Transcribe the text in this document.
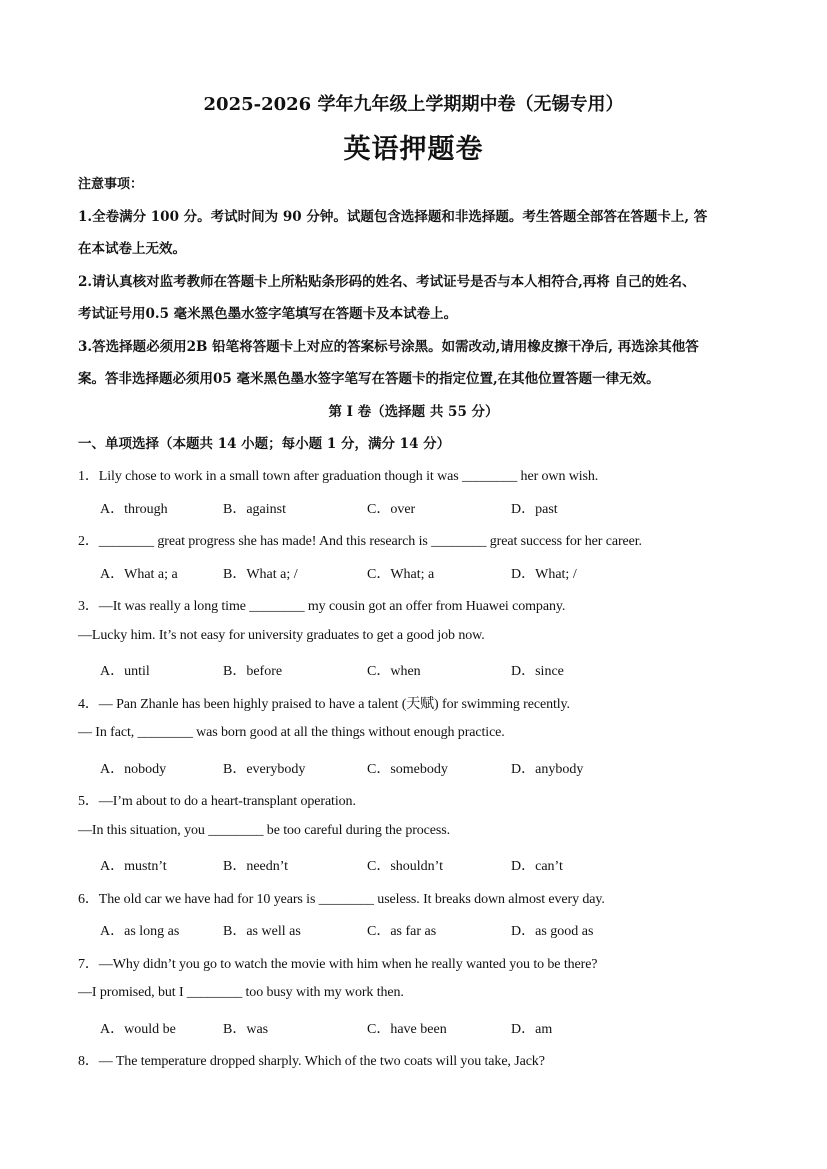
2025-2026 学年九年级上学期期中卷（无锡专用）
英语押题卷
注意事项：
1.全卷满分 100 分。考试时间为 90 分钟。试题包含选择题和非选择题。考生答题全部答在答题卡上, 答
在本试卷上无效。
2.请认真核对监考教师在答题卡上所粘贴条形码的姓名、考试证号是否与本人相符合,再将 自己的姓名、
考试证号用0.5 毫米黑色墨水签字笔填写在答题卡及本试卷上。
3.答选择题必须用2B 铅笔将答题卡上对应的答案标号涂黑。如需改动,请用橡皮擦干净后, 再选涂其他答
案。答非选择题必须用05 毫米黑色墨水签字笔写在答题卡的指定位置,在其他位置答题一律无效。
第 I 卷（选择题 共 55 分）
一、单项选择（本题共 14 小题；每小题 1 分，满分 14 分）
1．Lily chose to work in a small town after graduation though it was ________ her own wish.
A．through	B．against	C．over	D．past
2．________ great progress she has made! And this research is ________ great success for her career.
A．What a; a	B．What a; /	C．What; a	D．What; /
3．—It was really a long time ________ my cousin got an offer from Huawei company.
—Lucky him. It’s not easy for university graduates to get a good job now.
A．until	B．before	C．when	D．since
4．— Pan Zhanle has been highly praised to have a talent (天赋) for swimming recently.
— In fact, ________ was born good at all the things without enough practice.
A．nobody	B．everybody	C．somebody	D．anybody
5．—I’m about to do a heart-transplant operation.
—In this situation, you ________ be too careful during the process.
A．mustn’t	B．needn’t	C．shouldn’t	D．can’t
6．The old car we have had for 10 years is ________ useless. It breaks down almost every day.
A．as long as	B．as well as	C．as far as	D．as good as
7．—Why didn’t you go to watch the movie with him when he really wanted you to be there?
—I promised, but I ________ too busy with my work then.
A．would be	B．was	C．have been	D．am
8．— The temperature dropped sharply. Which of the two coats will you take, Jack?
